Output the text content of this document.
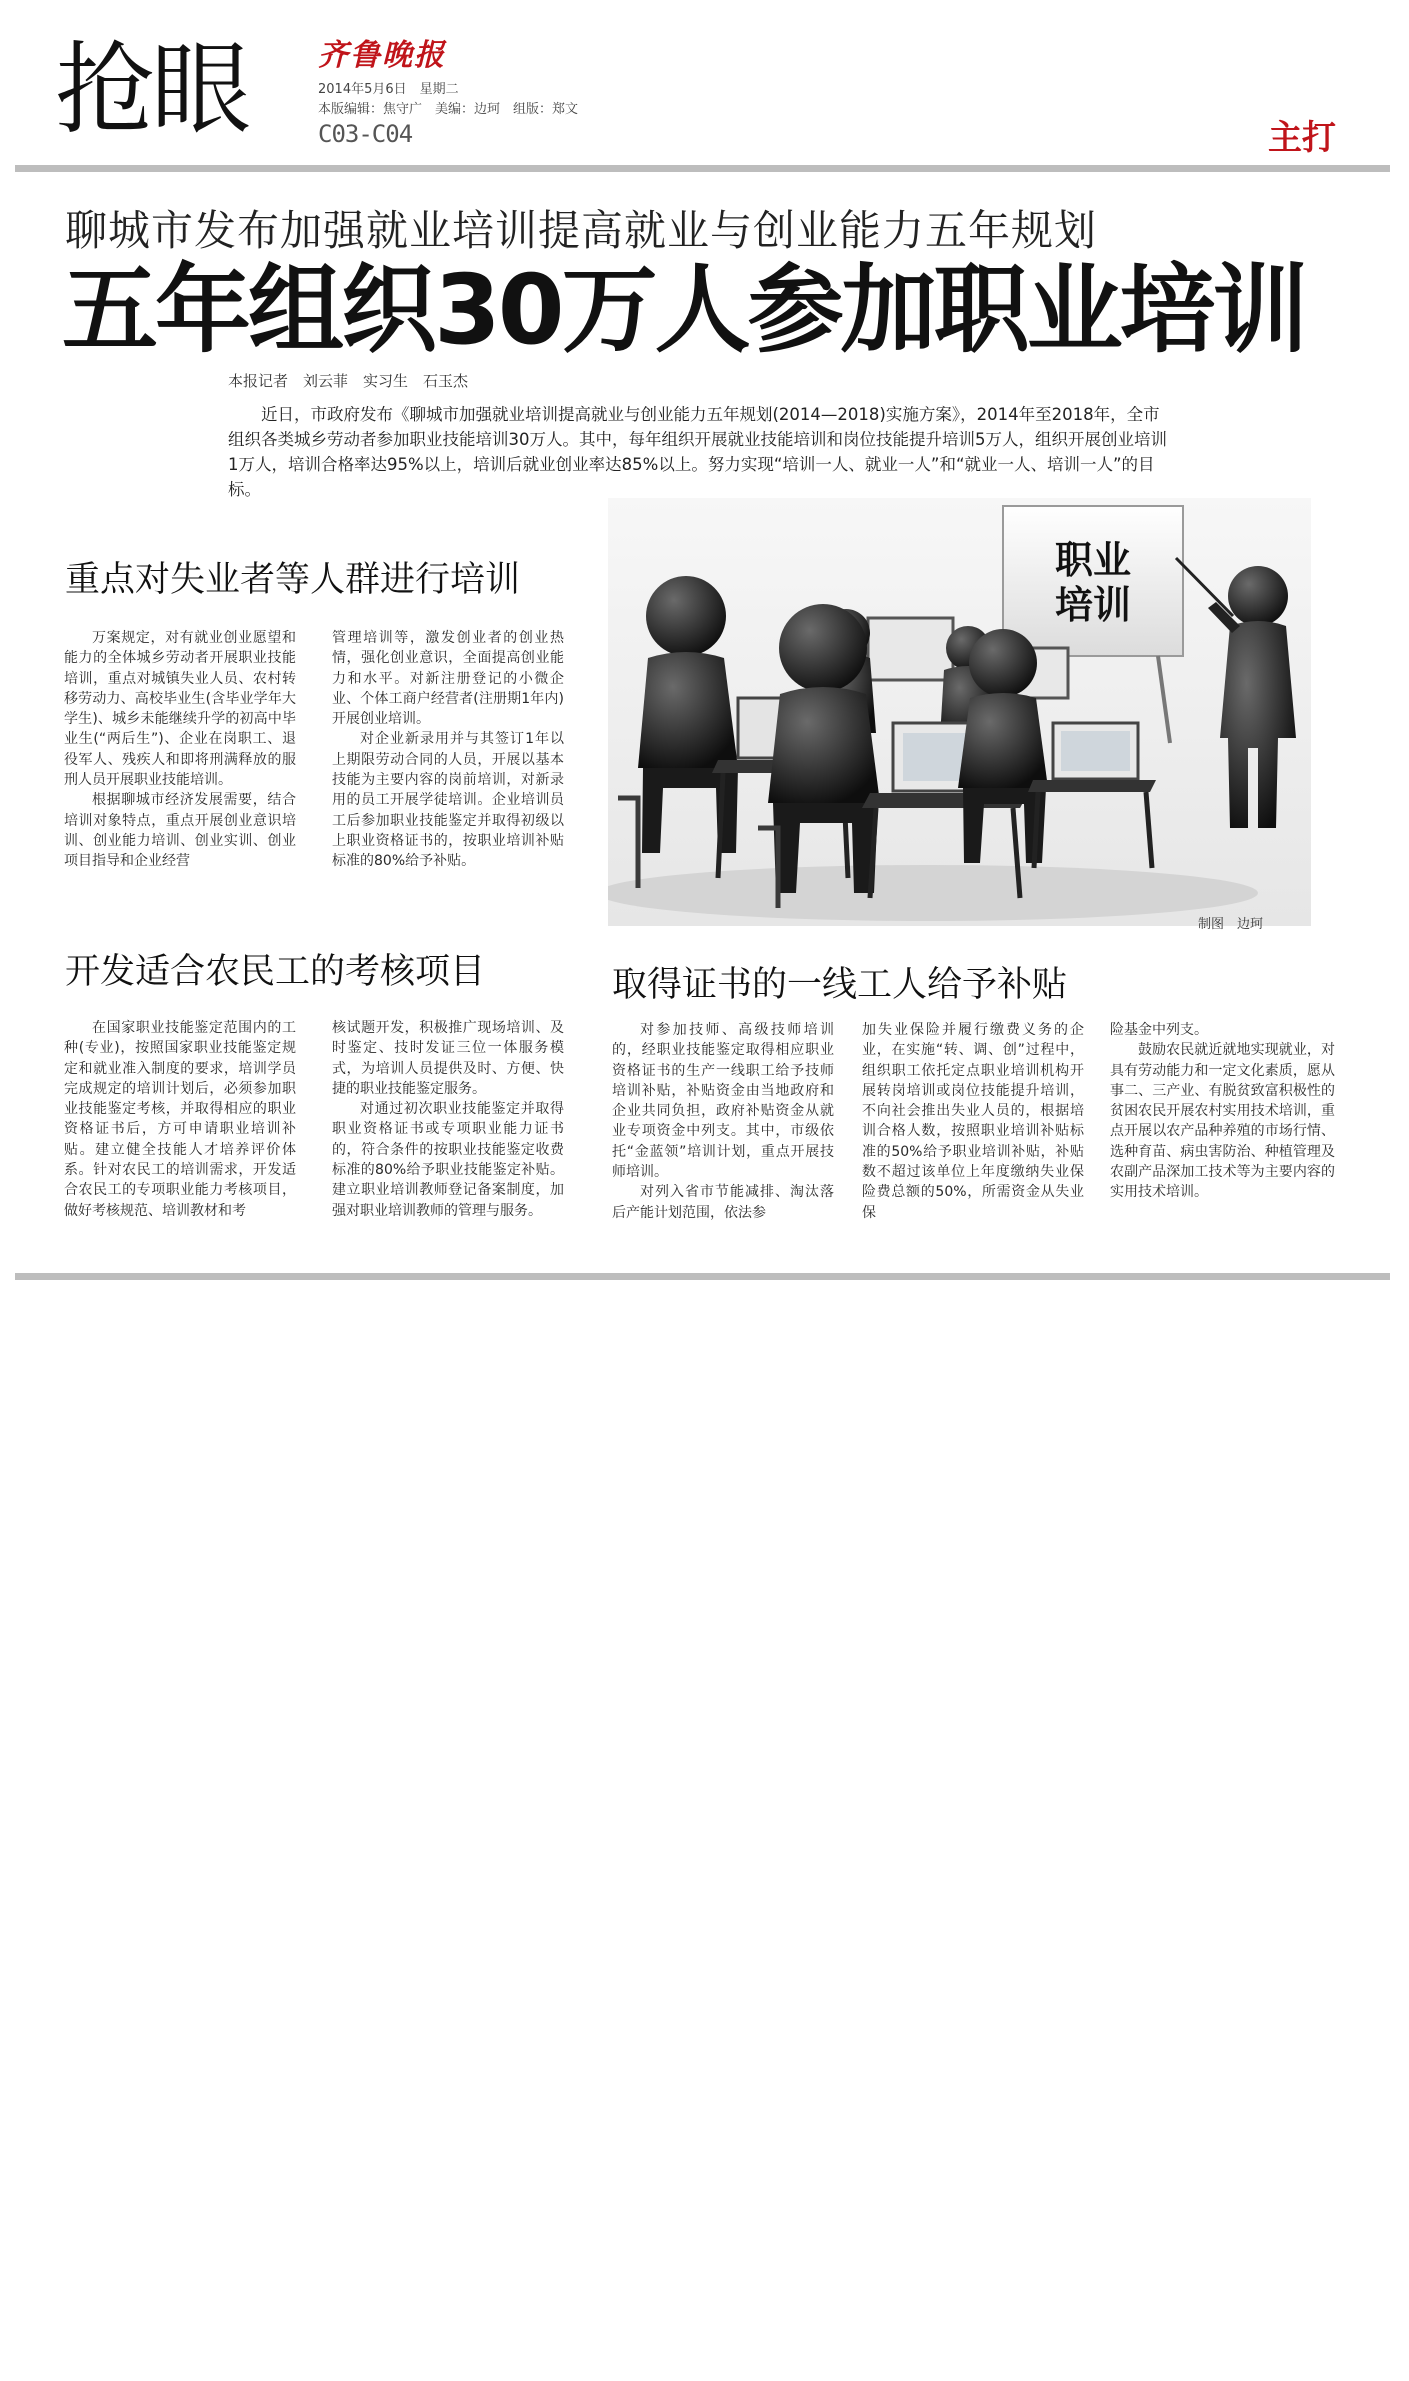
抢眼 齐鲁晚报
2014年5月6日　星期二
本版编辑：焦守广　美编：边珂　组版：郑文
C03-C04	主打
聊城市发布加强就业培训提高就业与创业能力五年规划
五年组织30万人参加职业培训
本报记者　刘云菲　实习生　石玉杰
近日，市政府发布《聊城市加强就业培训提高就业与创业能力五年规划(2014—2018)实施方案》，2014年至2018年，全市组织各类城乡劳动者参加职业技能培训30万人。其中，每年组织开展就业技能培训和岗位技能提升培训5万人，组织开展创业培训1万人，培训合格率达95%以上，培训后就业创业率达85%以上。努力实现“培训一人、就业一人”和“就业一人、培训一人”的目标。
重点对失业者等人群进行培训

万案规定，对有就业创业愿望和能力的全体城乡劳动者开展职业技能培训，重点对城镇失业人员、农村转移劳动力、高校毕业生(含毕业学年大学生)、城乡未能继续升学的初高中毕业生(“两后生”)、企业在岗职工、退役军人、残疾人和即将刑满释放的服刑人员开展职业技能培训。

根据聊城市经济发展需要，结合培训对象特点，重点开展创业意识培训、创业能力培训、创业实训、创业项目指导和企业经营

管理培训等，激发创业者的创业热情，强化创业意识，全面提高创业能力和水平。对新注册登记的小微企业、个体工商户经营者(注册期1年内)开展创业培训。

对企业新录用并与其签订1年以上期限劳动合同的人员，开展以基本技能为主要内容的岗前培训，对新录用的员工开展学徒培训。企业培训员工后参加职业技能鉴定并取得初级以上职业资格证书的，按职业培训补贴标准的80%给予补贴。

职业
培训
制图　边珂
开发适合农民工的考核项目

在国家职业技能鉴定范围内的工种(专业)，按照国家职业技能鉴定规定和就业准入制度的要求，培训学员完成规定的培训计划后，必须参加职业技能鉴定考核，并取得相应的职业资格证书后，方可申请职业培训补贴。建立健全技能人才培养评价体系。针对农民工的培训需求，开发适合农民工的专项职业能力考核项目，做好考核规范、培训教材和考

核试题开发，积极推广现场培训、及时鉴定、技时发证三位一体服务模式，为培训人员提供及时、方便、快捷的职业技能鉴定服务。

对通过初次职业技能鉴定并取得职业资格证书或专项职业能力证书的，符合条件的按职业技能鉴定收费标准的80%给予职业技能鉴定补贴。建立职业培训教师登记备案制度，加强对职业培训教师的管理与服务。

取得证书的一线工人给予补贴

对参加技师、高级技师培训的，经职业技能鉴定取得相应职业资格证书的生产一线职工给予技师培训补贴，补贴资金由当地政府和企业共同负担，政府补贴资金从就业专项资金中列支。其中，市级依托“金蓝领”培训计划，重点开展技师培训。

对列入省市节能减排、淘汰落后产能计划范围，依法参

加失业保险并履行缴费义务的企业，在实施“转、调、创”过程中，组织职工依托定点职业培训机构开展转岗培训或岗位技能提升培训，不向社会推出失业人员的，根据培训合格人数，按照职业培训补贴标准的50%给予职业培训补贴，补贴数不超过该单位上年度缴纳失业保险费总额的50%，所需资金从失业保

险基金中列支。

鼓励农民就近就地实现就业，对具有劳动能力和一定文化素质，愿从事二、三产业、有脱贫致富积极性的贫困农民开展农村实用技术培训，重点开展以农产品种养殖的市场行情、选种育苗、病虫害防治、种植管理及农副产品深加工技术等为主要内容的实用技术培训。
